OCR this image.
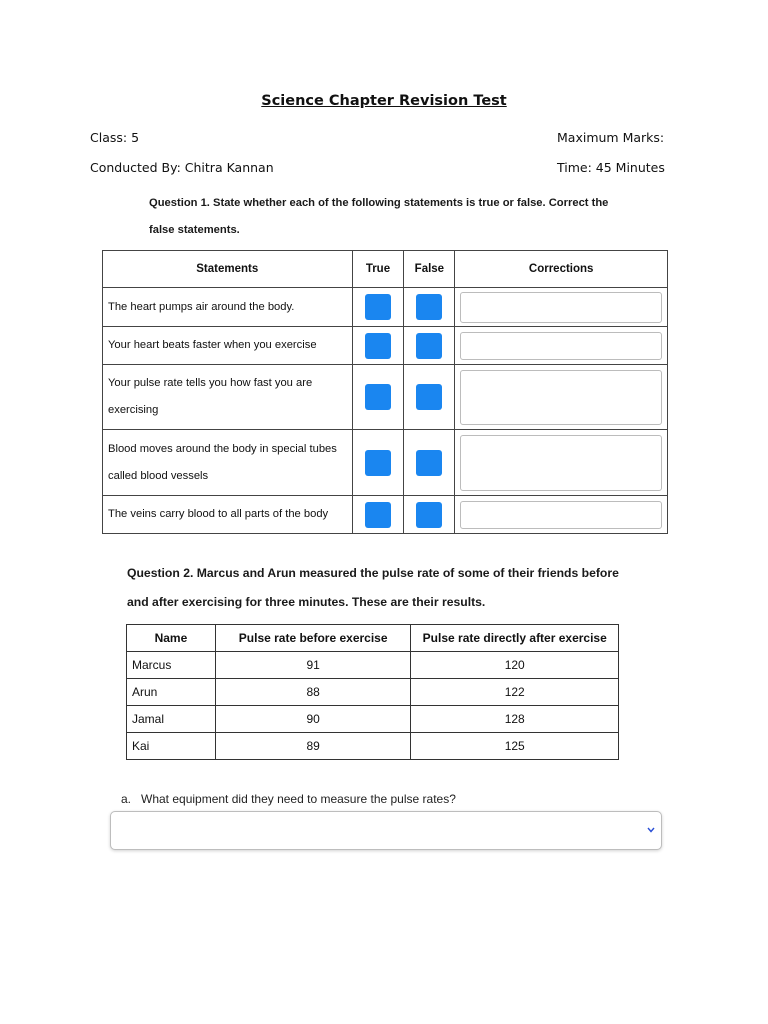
Science Chapter Revision Test
Class: 5	Maximum Marks:
Conducted By: Chitra Kannan	Time: 45 Minutes
Question 1. State whether each of the following statements is true or false. Correct the
false statements.
Statements	True	False	Corrections

The heart pumps air around the body.			

Your heart beats faster when you exercise			

Your pulse rate tells you how fast you are
exercising			

Blood moves around the body in special tubes
called blood vessels			

The veins carry blood to all parts of the body			

Question 2. Marcus and Arun measured the pulse rate of some of their friends before
and after exercising for three minutes. These are their results.
Name	Pulse rate before exercise	Pulse rate directly after exercise
Marcus	91	120
Arun	88	122
Jamal	90	128
Kai	89	125
a.   What equipment did they need to measure the pulse rates?
